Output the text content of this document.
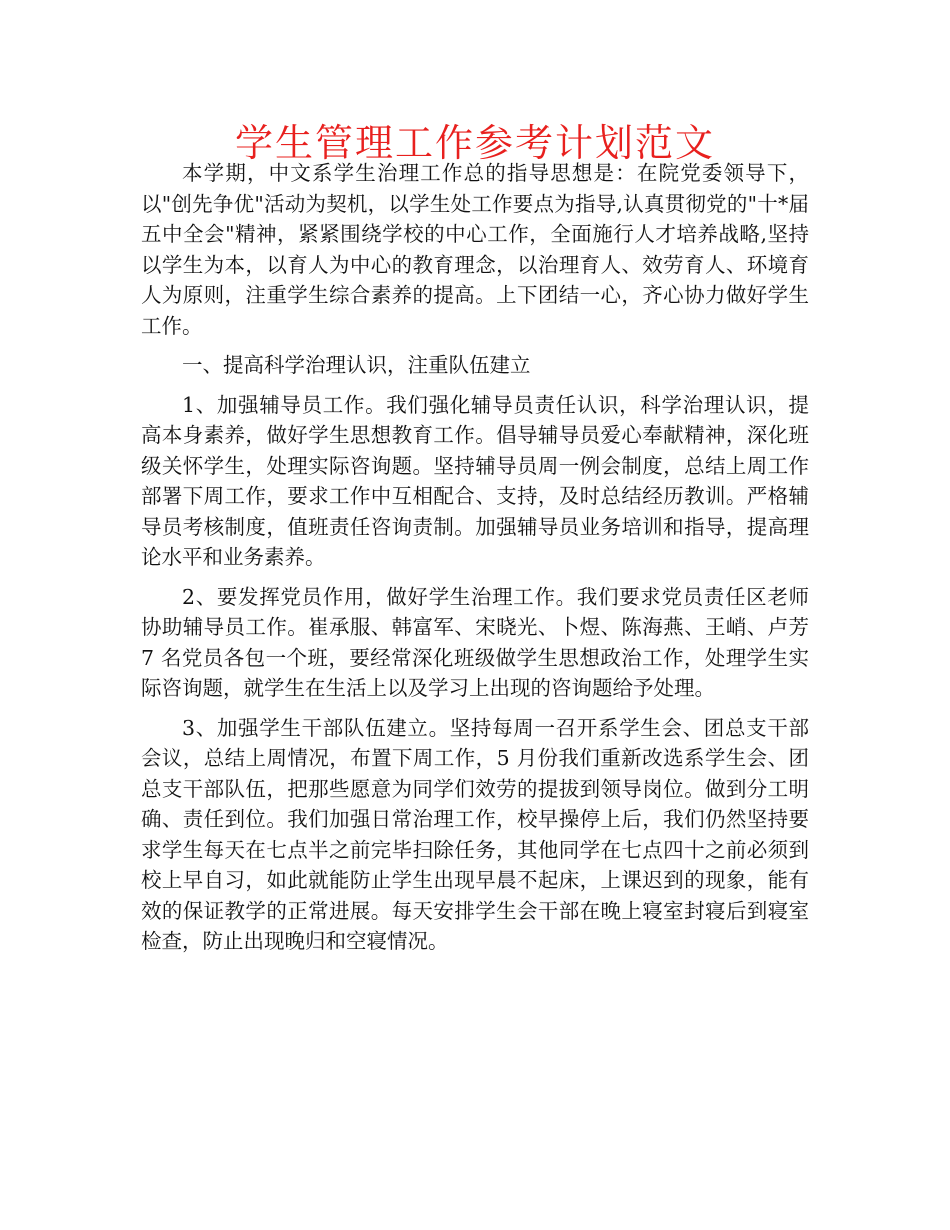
学生管理工作参考计划范文

本学期，中文系学生治理工作总的指导思想是：在院党委领导下，以"创先争优"活动为契机，以学生处工作要点为指导,认真贯彻党的"十*届五中全会"精神，紧紧围绕学校的中心工作，全面施行人才培养战略,坚持以学生为本，以育人为中心的教育理念，以治理育人、效劳育人、环境育人为原则，注重学生综合素养的提高。上下团结一心，齐心协力做好学生工作。

一、提高科学治理认识，注重队伍建立

1、加强辅导员工作。我们强化辅导员责任认识，科学治理认识，提高本身素养，做好学生思想教育工作。倡导辅导员爱心奉献精神，深化班级关怀学生，处理实际咨询题。坚持辅导员周一例会制度，总结上周工作部署下周工作，要求工作中互相配合、支持，及时总结经历教训。严格辅导员考核制度，值班责任咨询责制。加强辅导员业务培训和指导，提高理论水平和业务素养。

2、要发挥党员作用，做好学生治理工作。我们要求党员责任区老师协助辅导员工作。崔承服、韩富军、宋晓光、卜煜、陈海燕、王峭、卢芳 7 名党员各包一个班，要经常深化班级做学生思想政治工作，处理学生实际咨询题，就学生在生活上以及学习上出现的咨询题给予处理。

3、加强学生干部队伍建立。坚持每周一召开系学生会、团总支干部会议，总结上周情况，布置下周工作，5 月份我们重新改选系学生会、团总支干部队伍，把那些愿意为同学们效劳的提拔到领导岗位。做到分工明确、责任到位。我们加强日常治理工作，校早操停上后，我们仍然坚持要求学生每天在七点半之前完毕扫除任务，其他同学在七点四十之前必须到校上早自习，如此就能防止学生出现早晨不起床，上课迟到的现象，能有效的保证教学的正常进展。每天安排学生会干部在晚上寝室封寝后到寝室检查，防止出现晚归和空寝情况。
